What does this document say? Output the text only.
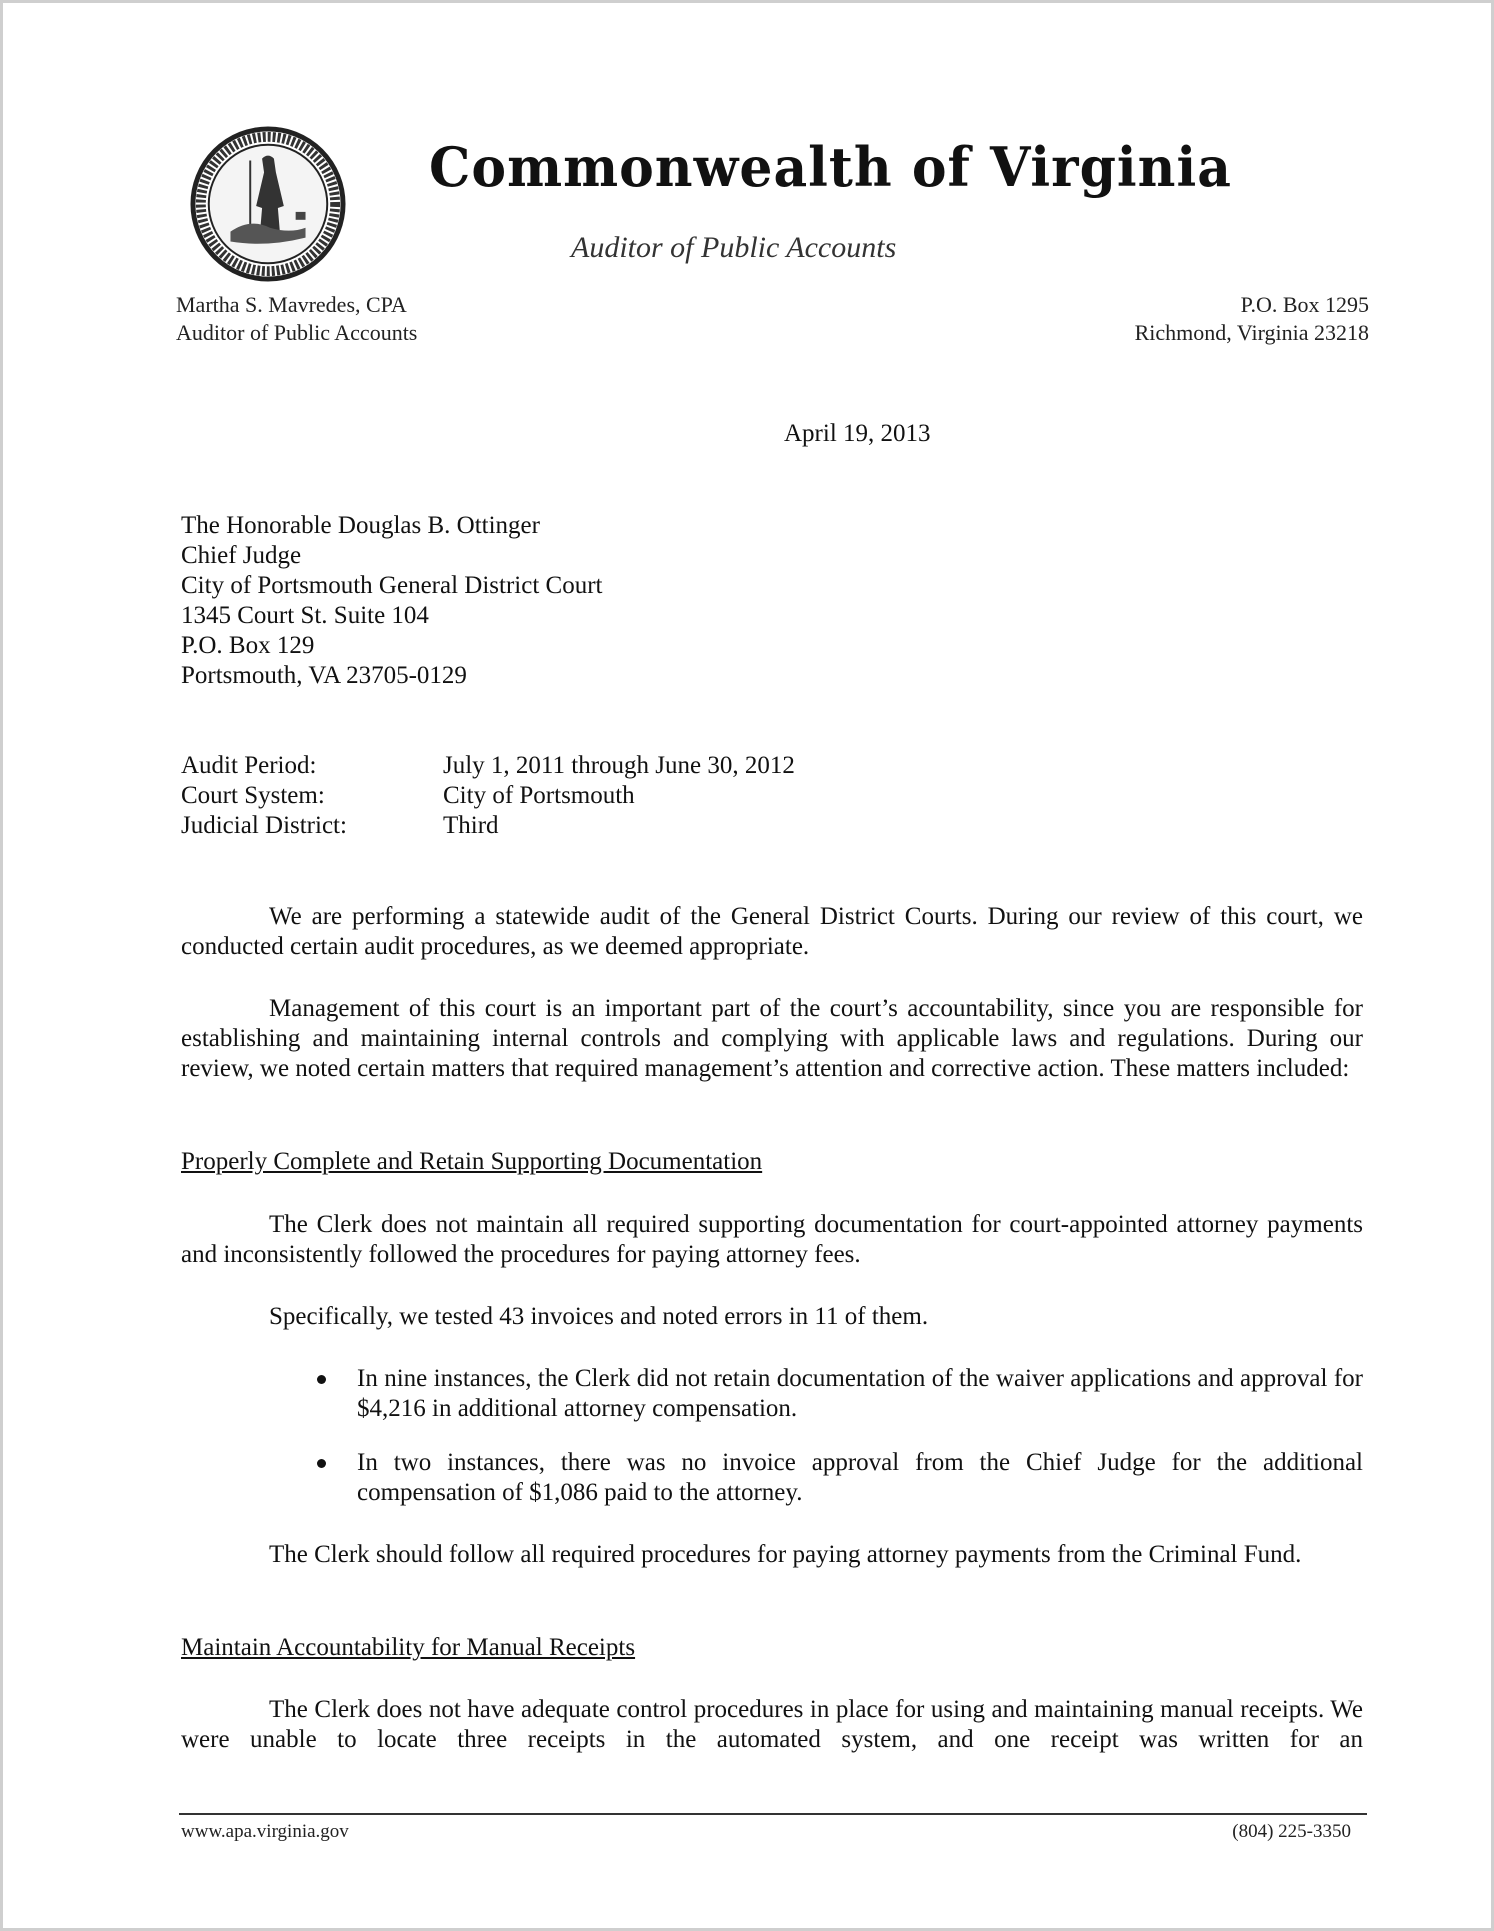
Commonwealth of Virginia
Auditor of Public Accounts
Martha S. Mavredes, CPA
Auditor of Public Accounts
P.O. Box 1295
Richmond, Virginia 23218
April 19, 2013
The Honorable Douglas B. Ottinger
Chief Judge
City of Portsmouth General District Court
1345 Court St. Suite 104
P.O. Box 129
Portsmouth, VA 23705-0129
Audit Period:	July 1, 2011 through June 30, 2012
Court System:	City of Portsmouth
Judicial District:	Third
We are performing a statewide audit of the General District Courts. During our review of this court, we conducted certain audit procedures, as we deemed appropriate.
Management of this court is an important part of the court’s accountability, since you are responsible for establishing and maintaining internal controls and complying with applicable laws and regulations. During our review, we noted certain matters that required management’s attention and corrective action. These matters included:
Properly Complete and Retain Supporting Documentation
The Clerk does not maintain all required supporting documentation for court-appointed attorney payments and inconsistently followed the procedures for paying attorney fees.
Specifically, we tested 43 invoices and noted errors in 11 of them.
In nine instances, the Clerk did not retain documentation of the waiver applications and approval for $4,216 in additional attorney compensation.
In two instances, there was no invoice approval from the Chief Judge for the additional compensation of $1,086 paid to the attorney.
The Clerk should follow all required procedures for paying attorney payments from the Criminal Fund.
Maintain Accountability for Manual Receipts
The Clerk does not have adequate control procedures in place for using and maintaining manual receipts. We were unable to locate three receipts in the automated system, and one receipt was written for an
www.apa.virginia.gov	(804) 225-3350
